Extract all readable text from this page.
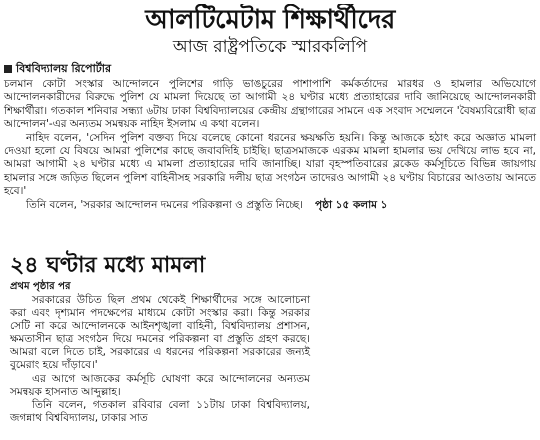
আলটিমেটাম শিক্ষার্থীদের
আজ রাষ্ট্রপতিকে স্মারকলিপি
বিশ্ববিদ্যালয় রিপোর্টার

চলমান কোটা সংস্কার আন্দোলনে পুলিশের গাড়ি ভাঙচুরের পাশাপাশি কর্মকর্তাদের মারধর ও হামলার অভিযোগে আন্দোলনকারীদের বিরুদ্ধে পুলিশ যে মামলা দিয়েছে তা আগামী ২৪ ঘণ্টার মধ্যে প্রত্যাহারের দাবি জানিয়েছে আন্দোলনকারী শিক্ষার্থীরা। গতকাল শনিবার সন্ধ্যা ৬টায় ঢাকা বিশ্ববিদ্যালয়ের কেন্দ্রীয় গ্রন্থাগারের সামনে এক সংবাদ সম্মেলনে 'বৈষম্যবিরোধী ছাত্র আন্দোলন'-এর অন্যতম সমন্বয়ক নাহিদ ইসলাম এ কথা বলেন।

নাহিদ বলেন, 'সেদিন পুলিশ বক্তব্য দিয়ে বলেছে কোনো ধরনের ক্ষয়ক্ষতি হয়নি। কিন্তু আজকে হঠাৎ করে অজ্ঞাত মামলা দেওয়া হলো যে বিষয়ে আমরা পুলিশের কাছে জবাবদিহি চাইছি। ছাত্রসমাজকে এরকম মামলা হামলার ভয় দেখিয়ে লাভ হবে না, আমরা আগামী ২৪ ঘণ্টার মধ্যে এ মামলা প্রত্যাহারের দাবি জানাচ্ছি। যারা বৃহস্পতিবারের ব্লকেড কর্মসূচিতে বিভিন্ন জায়গায় হামলার সঙ্গে জড়িত ছিলেন পুলিশ বাহিনীসহ সরকারি দলীয় ছাত্র সংগঠন তাদেরও আগামী ২৪ ঘণ্টায় বিচারের আওতায় আনতে হবে।'

তিনি বলেন, 'সরকার আন্দোলন দমনের পরিকল্পনা ও প্রস্তুতি নিচ্ছে। পৃষ্ঠা ১৫ কলাম ১

২৪ ঘণ্টার মধ্যে মামলা
প্রথম পৃষ্ঠার পর

সরকারের উচিত ছিল প্রথম থেকেই শিক্ষার্থীদের সঙ্গে আলোচনা করা এবং দৃশ্যমান পদক্ষেপের মাধ্যমে কোটা সংস্কার করা। কিন্তু সরকার সেটি না করে আন্দোলনকে আইনশৃঙ্খলা বাহিনী, বিশ্ববিদ্যালয় প্রশাসন, ক্ষমতাসীন ছাত্র সংগঠন দিয়ে দমনের পরিকল্পনা বা প্রস্তুতি গ্রহণ করছে। আমরা বলে দিতে চাই, সরকারের এ ধরনের পরিকল্পনা সরকারের জন্যই বুমেরাং হয়ে দাঁড়াবে।'

এর আগে আজকের কর্মসূচি ঘোষণা করে আন্দোলনের অন্যতম সমন্বয়ক হাসনাত আব্দুল্লাহ।

তিনি বলেন, গতকাল রবিবার বেলা ১১টায় ঢাকা বিশ্ববিদ্যালয়, জগন্নাথ বিশ্ববিদ্যালয়, ঢাকার সাত
